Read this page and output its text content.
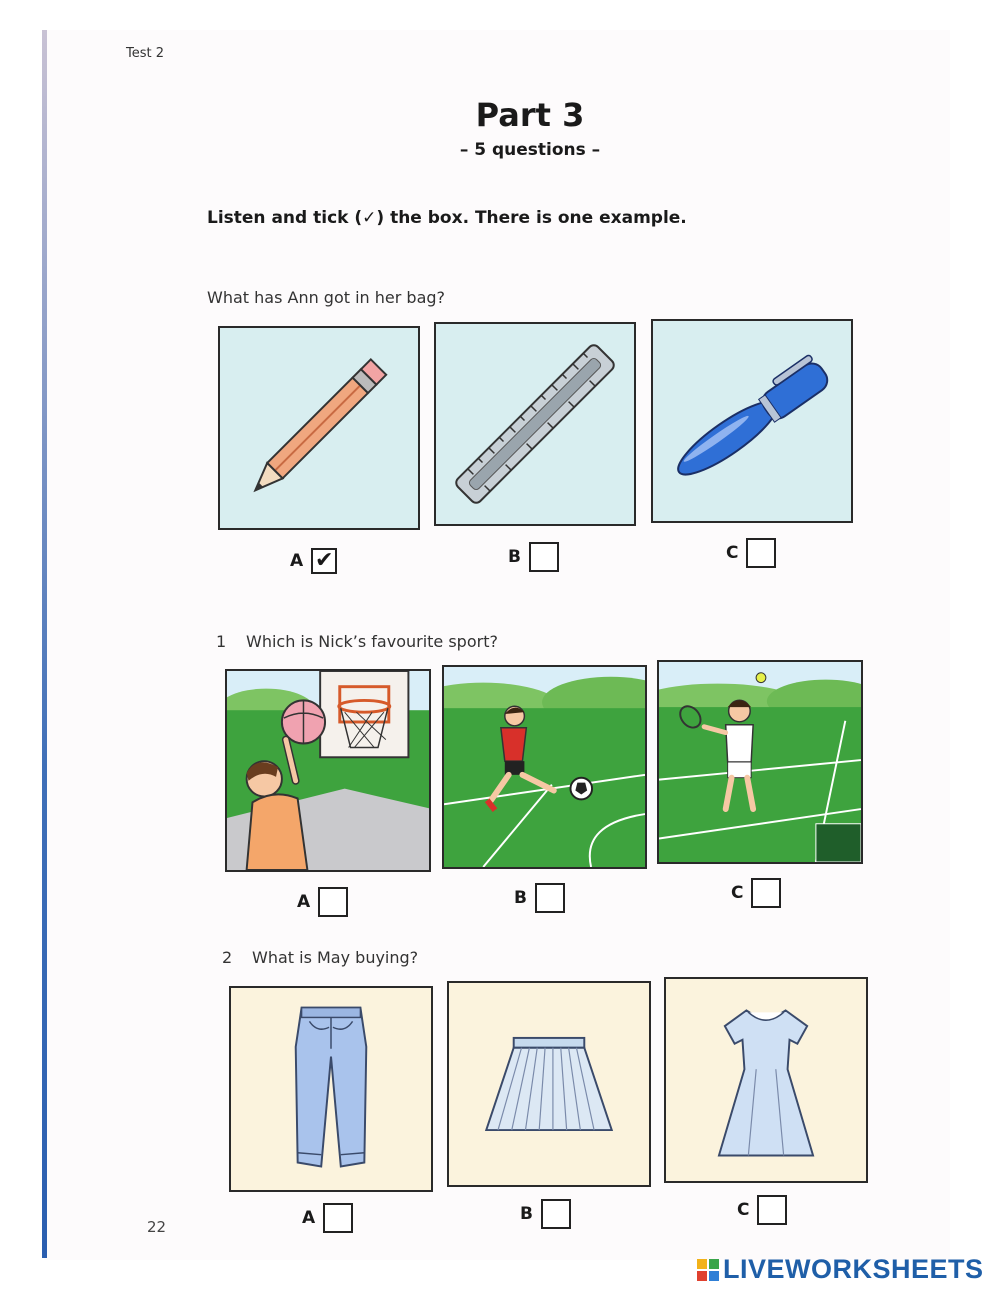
Test 2
Part 3
– 5 questions –
Listen and tick (✓) the box. There is one example.
What has Ann got in her bag?
A ✔	B	C
1 Which is Nick’s favourite sport?
A	B	C
2 What is May buying?
A	B	C
22
LIVEWORKSHEETS
